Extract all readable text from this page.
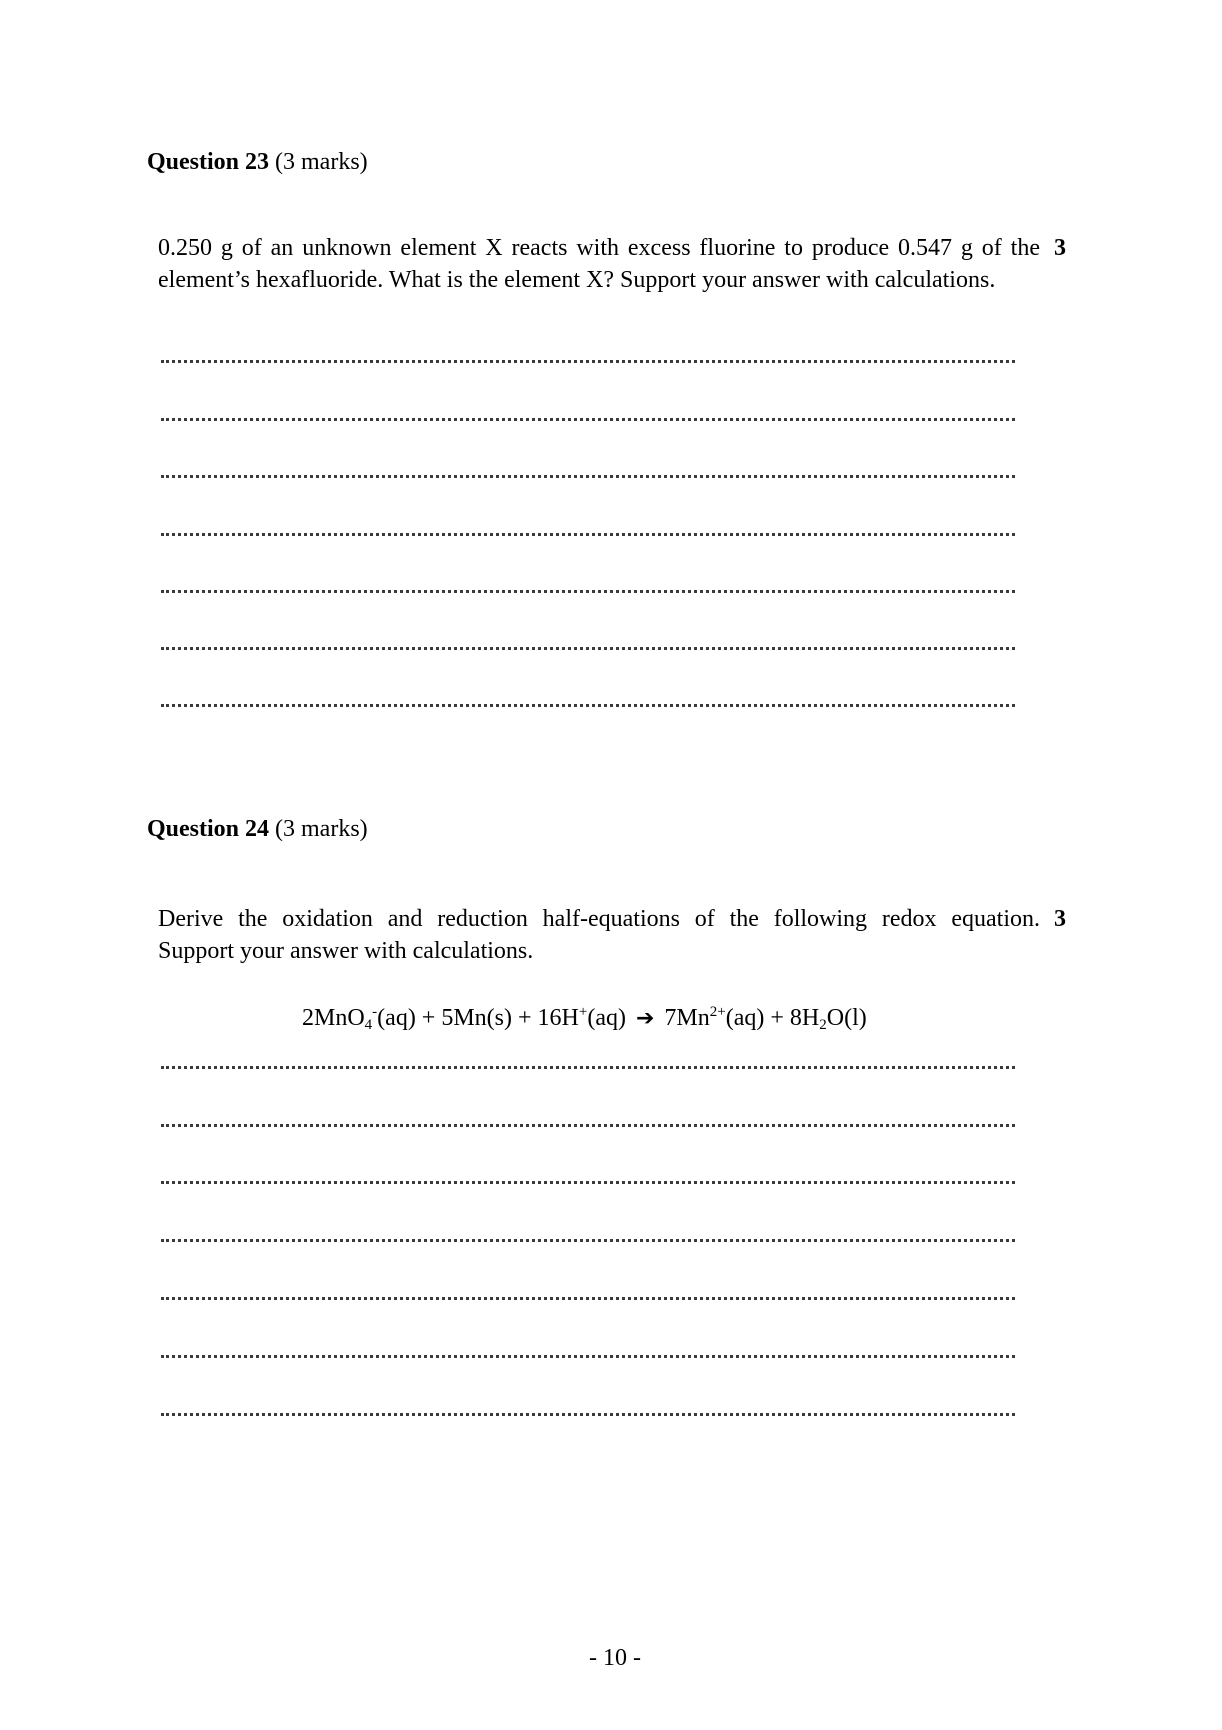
Question 23 (3 marks)
0.250 g of an unknown element X reacts with excess fluorine to produce 0.547 g of the
element’s hexafluoride. What is the element X? Support your answer with calculations.
3
Question 24 (3 marks)
Derive the oxidation and reduction half-equations of the following redox equation.
Support your answer with calculations.
3
2MnO$_4$-(aq) + 5Mn(s) + 16H+(aq) ➔ $7Mn^{2+}(aq) + 8H_2O(l)$
- 10 -
